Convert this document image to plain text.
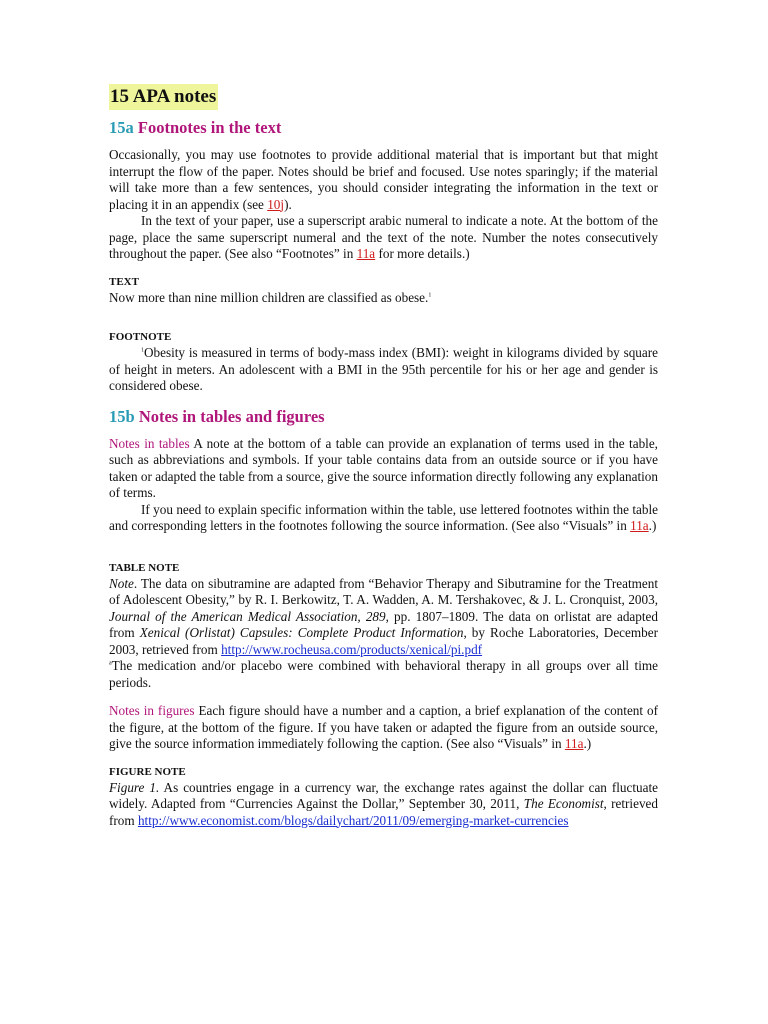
15 APA notes
15a Footnotes in the text

Occasionally, you may use footnotes to provide additional material that is important but that might interrupt the flow of the paper. Notes should be brief and focused. Use notes sparingly; if the material will take more than a few sentences, you should consider integrating the information in the text or placing it in an appendix (see 10j).

In the text of your paper, use a superscript arabic numeral to indicate a note. At the bottom of the page, place the same superscript numeral and the text of the note. Number the notes consecutively throughout the paper. (See also “Footnotes” in 11a for more details.)

TEXT

Now more than nine million children are classified as obese.$^1$

FOOTNOTE

$^1$Obesity is measured in terms of body-mass index (BMI): weight in kilograms divided by square of height in meters. An adolescent with a BMI in the 95th percentile for his or her age and gender is considered obese.

15b Notes in tables and figures

Notes in tables A note at the bottom of a table can provide an explanation of terms used in the table, such as abbreviations and symbols. If your table contains data from an outside source or if you have taken or adapted the table from a source, give the source information directly following any explanation of terms.

If you need to explain specific information within the table, use lettered footnotes within the table and corresponding letters in the footnotes following the source information. (See also “Visuals” in 11a.)

TABLE NOTE

Note. The data on sibutramine are adapted from “Behavior Therapy and Sibutramine for the Treatment of Adolescent Obesity,” by R. I. Berkowitz, T. A. Wadden, A. M. Tershakovec, & J. L. Cronquist, 2003, Journal of the American Medical Association, 289, pp. 1807–1809. The data on orlistat are adapted from Xenical (Orlistat) Capsules: Complete Product Information, by Roche Laboratories, December 2003, retrieved from http://www.rocheusa.com/products/xenical/pi.pdf

$^a$The medication and/or placebo were combined with behavioral therapy in all groups over all time periods.

Notes in figures Each figure should have a number and a caption, a brief explanation of the content of the figure, at the bottom of the figure. If you have taken or adapted the figure from an outside source, give the source information immediately following the caption. (See also “Visuals” in 11a.)

FIGURE NOTE

Figure 1. As countries engage in a currency war, the exchange rates against the dollar can fluctuate widely. Adapted from “Currencies Against the Dollar,” September 30, 2011, The Economist, retrieved from http://www.economist.com/blogs/dailychart/2011/09/emerging-market-currencies
